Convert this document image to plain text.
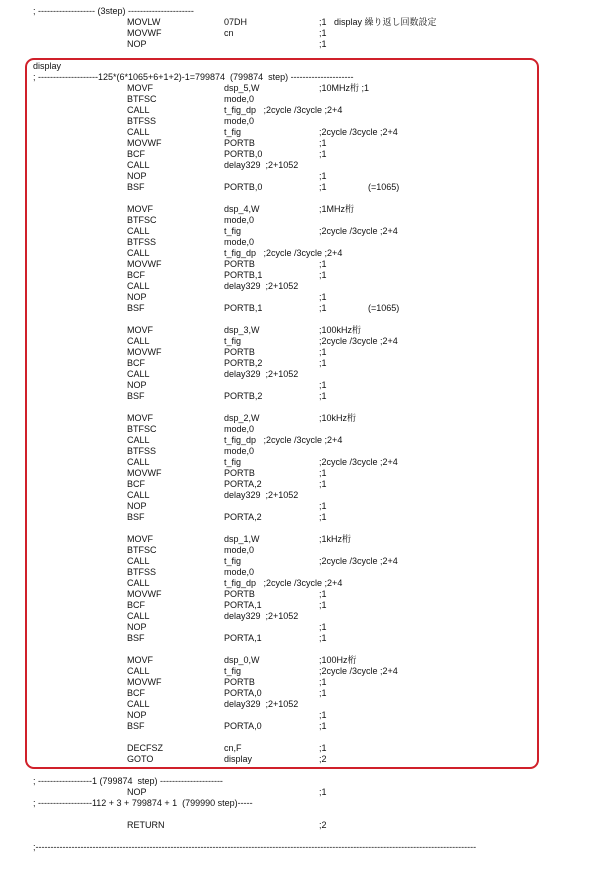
; ------------------- (3step) ----------------------
MOVLW	07DH	;1   display 繰り返し回数設定
MOVWF	cn	;1
NOP	;1
display
; --------------------125*(6*1065+6+1+2)-1=799874  (799874  step) ---------------------
MOVF	dsp_5,W	;10MHz桁 ;1
BTFSC	mode,0
CALL	t_fig_dp   ;2cycle /3cycle ;2+4
BTFSS	mode,0
CALL	t_fig	;2cycle /3cycle ;2+4
MOVWF	PORTB	;1
BCF	PORTB,0	;1
CALL	delay329  ;2+1052
NOP	;1
BSF	PORTB,0	;1	(=1065)
MOVF	dsp_4,W	;1MHz桁
BTFSC	mode,0
CALL	t_fig	;2cycle /3cycle ;2+4
BTFSS	mode,0
CALL	t_fig_dp   ;2cycle /3cycle ;2+4
MOVWF	PORTB	;1
BCF	PORTB,1	;1
CALL	delay329  ;2+1052
NOP	;1
BSF	PORTB,1	;1	(=1065)
MOVF	dsp_3,W	;100kHz桁
CALL	t_fig	;2cycle /3cycle ;2+4
MOVWF	PORTB	;1
BCF	PORTB,2	;1
CALL	delay329  ;2+1052
NOP	;1
BSF	PORTB,2	;1
MOVF	dsp_2,W	;10kHz桁
BTFSC	mode,0
CALL	t_fig_dp   ;2cycle /3cycle ;2+4
BTFSS	mode,0
CALL	t_fig	;2cycle /3cycle ;2+4
MOVWF	PORTB	;1
BCF	PORTA,2	;1
CALL	delay329  ;2+1052
NOP	;1
BSF	PORTA,2	;1
MOVF	dsp_1,W	;1kHz桁
BTFSC	mode,0
CALL	t_fig	;2cycle /3cycle ;2+4
BTFSS	mode,0
CALL	t_fig_dp   ;2cycle /3cycle ;2+4
MOVWF	PORTB	;1
BCF	PORTA,1	;1
CALL	delay329  ;2+1052
NOP	;1
BSF	PORTA,1	;1
MOVF	dsp_0,W	;100Hz桁
CALL	t_fig	;2cycle /3cycle ;2+4
MOVWF	PORTB	;1
BCF	PORTA,0	;1
CALL	delay329  ;2+1052
NOP	;1
BSF	PORTA,0	;1
DECFSZ	cn,F	;1
GOTO	display	;2
; ------------------1 (799874  step) ---------------------
NOP	;1
; ------------------112 + 3 + 799874 + 1  (799990 step)-----
RETURN	;2
;---------------------------------------------------------------------------------------------------------------------------------------------------
